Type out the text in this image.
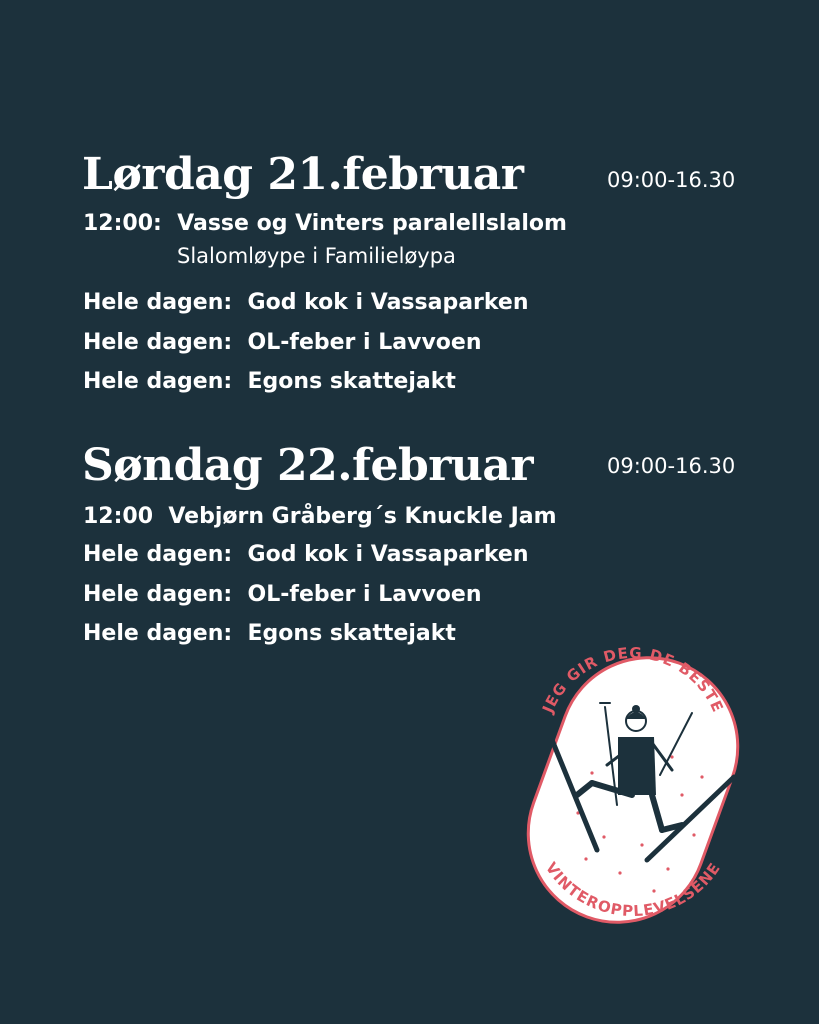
Lørdag 21.februar	09:00-16.30
12:00: Vasse og Vinters paralellslalom
Slalomløype i Familieløypa
Hele dagen: God kok i Vassaparken
Hele dagen: OL-feber i Lavvoen
Hele dagen: Egons skattejakt
Søndag 22.februar	09:00-16.30
12:00 Vebjørn Gråberg´s Knuckle Jam
Hele dagen: God kok i Vassaparken
Hele dagen: OL-feber i Lavvoen
Hele dagen: Egons skattejakt
JEG GIR DEG DE BESTE
VINTEROPPLEVELSENE
